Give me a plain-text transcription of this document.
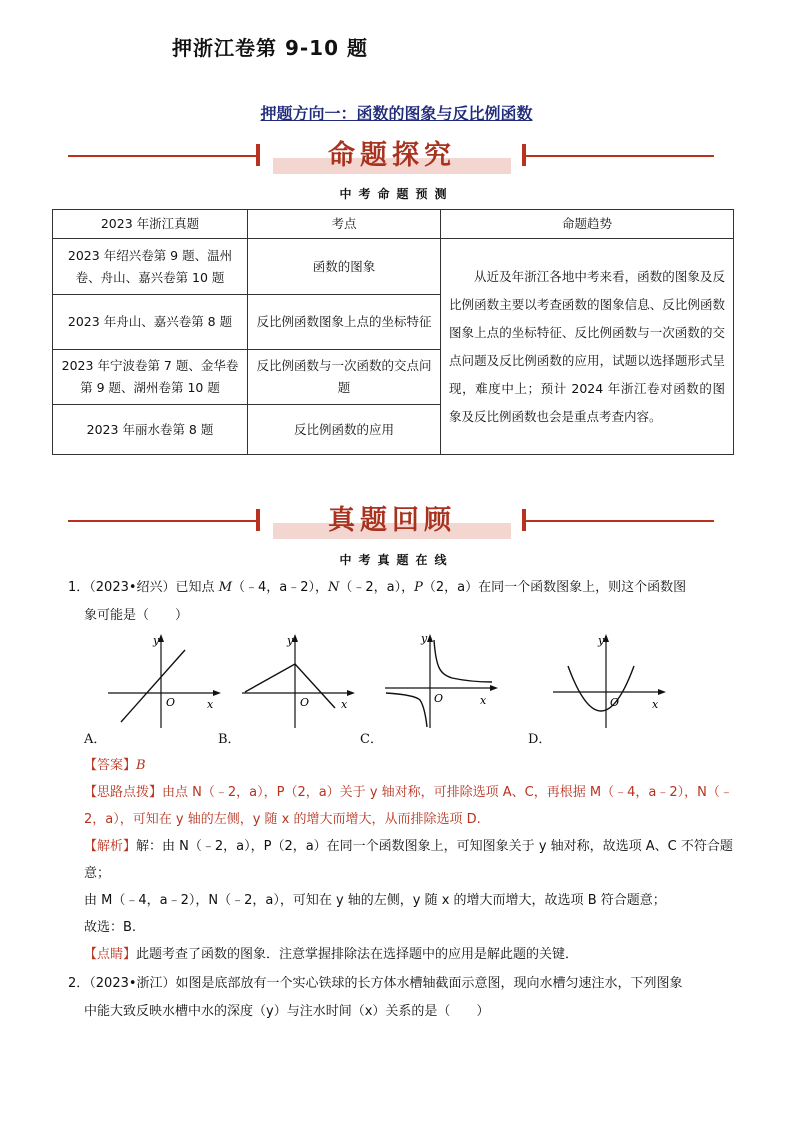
押浙江卷第 9-10 题
押题方向一：函数的图象与反比例函数
命题探究
中考命题预测
2023 年浙江真题	考点	命题趋势
2023 年绍兴卷第 9 题、温州卷、舟山、嘉兴卷第 10 题	函数的图象	从近及年浙江各地中考来看，函数的图象及反比例函数主要以考查函数的图象信息、反比例函数图象上点的坐标特征、反比例函数与一次函数的交点问题及反比例函数的应用，试题以选择题形式呈现，难度中上；预计 2024 年浙江卷对函数的图象及反比例函数也会是重点考查内容。
2023 年舟山、嘉兴卷第 8 题	反比例函数图象上点的坐标特征	
2023 年宁波卷第 7 题、金华卷第 9 题、湖州卷第 10 题	反比例函数与一次函数的交点问题	
2023 年丽水卷第 8 题	反比例函数的应用	
真题回顾
中考真题在线
1．（2023•绍兴）已知点 M（﹣4，a﹣2），N（﹣2，a），P（2，a）在同一个函数图象上，则这个函数图
象可能是（　　）
x
y
O	x
y
O	x
y
O	x
y
O
A．	B．	C．	D．
【答案】B
【思路点拨】由点 N（﹣2，a），P（2，a）关于 y 轴对称，可排除选项 A、C，再根据 M（﹣4，a﹣2），N（﹣2，a），可知在 y 轴的左侧，y 随 x 的增大而增大，从而排除选项 D.
【解析】解：由 N（﹣2，a），P（2，a）在同一个函数图象上，可知图象关于 y 轴对称，故选项 A、C 不符合题意；
由 M（﹣4，a﹣2），N（﹣2，a），可知在 y 轴的左侧，y 随 x 的增大而增大，故选项 B 符合题意；
故选：B.
【点睛】此题考查了函数的图象．注意掌握排除法在选择题中的应用是解此题的关键．
2．（2023•浙江）如图是底部放有一个实心铁球的长方体水槽轴截面示意图，现向水槽匀速注水，下列图象
中能大致反映水槽中水的深度（y）与注水时间（x）关系的是（　　）
